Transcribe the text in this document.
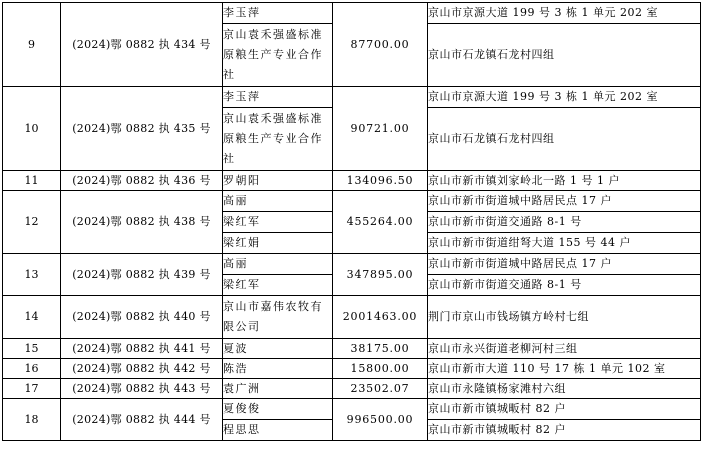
9	(2024)鄂 0882 执 434 号	李玉萍	87700.00	京山市京源大道 199 号 3 栋 1 单元 202 室
		京山袁禾强盛标准原粮生产专业合作社		京山市石龙镇石龙村四组

10	(2024)鄂 0882 执 435 号	李玉萍	90721.00	京山市京源大道 199 号 3 栋 1 单元 202 室
		京山袁禾强盛标准原粮生产专业合作社		京山市石龙镇石龙村四组

11	(2024)鄂 0882 执 436 号	罗朝阳	134096.50	京山市新市镇刘家岭北一路 1 号 1 户
12	(2024)鄂 0882 执 438 号	高丽	455264.00	京山市新市街道城中路居民点 17 户
		梁红军		京山市新市街道交通路 8-1 号
		梁红娟		京山市新市街道绀弩大道 155 号 44 户
13	(2024)鄂 0882 执 439 号	高丽	347895.00	京山市新市街道城中路居民点 17 户
		梁红军		京山市新市街道交通路 8-1 号
14	(2024)鄂 0882 执 440 号	京山市嘉伟农牧有限公司	2001463.00	荆门市京山市钱场镇方岭村七组

15	(2024)鄂 0882 执 441 号	夏波	38175.00	京山市永兴街道老柳河村三组
16	(2024)鄂 0882 执 442 号	陈浩	15800.00	京山市新市大道 110 号 17 栋 1 单元 102 室
17	(2024)鄂 0882 执 443 号	袁广洲	23502.07	京山市永隆镇杨家滩村六组
18	(2024)鄂 0882 执 444 号	夏俊俊	996500.00	京山市新市镇城畈村 82 户
		程思思		京山市新市镇城畈村 82 户
